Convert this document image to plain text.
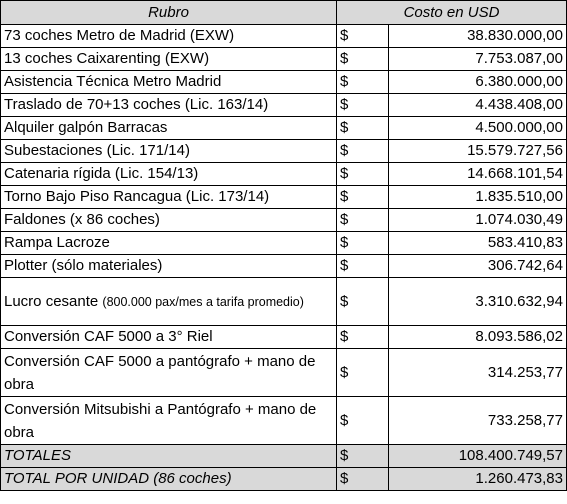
Rubro	Costo en USD	
73 coches Metro de Madrid (EXW)	$	38.830.000,00
13 coches Caixarenting (EXW)	$	7.753.087,00
Asistencia Técnica Metro Madrid	$	6.380.000,00
Traslado de 70+13 coches (Lic. 163/14)	$	4.438.408,00
Alquiler galpón Barracas	$	4.500.000,00
Subestaciones (Lic. 171/14)	$	15.579.727,56
Catenaria rígida (Lic. 154/13)	$	14.668.101,54
Torno Bajo Piso Rancagua (Lic. 173/14)	$	1.835.510,00
Faldones (x 86 coches)	$	1.074.030,49
Rampa Lacroze	$	583.410,83
Plotter (sólo materiales)	$	306.742,64
Lucro cesante (800.000 pax/mes a tarifa promedio)	$	3.310.632,94
Conversión CAF 5000 a 3° Riel	$	8.093.586,02
Conversión CAF 5000 a pantógrafo + mano de obra	$	314.253,77
Conversión Mitsubishi a Pantógrafo + mano de obra	$	733.258,77
TOTALES	$	108.400.749,57
TOTAL POR UNIDAD (86 coches)	$	1.260.473,83
